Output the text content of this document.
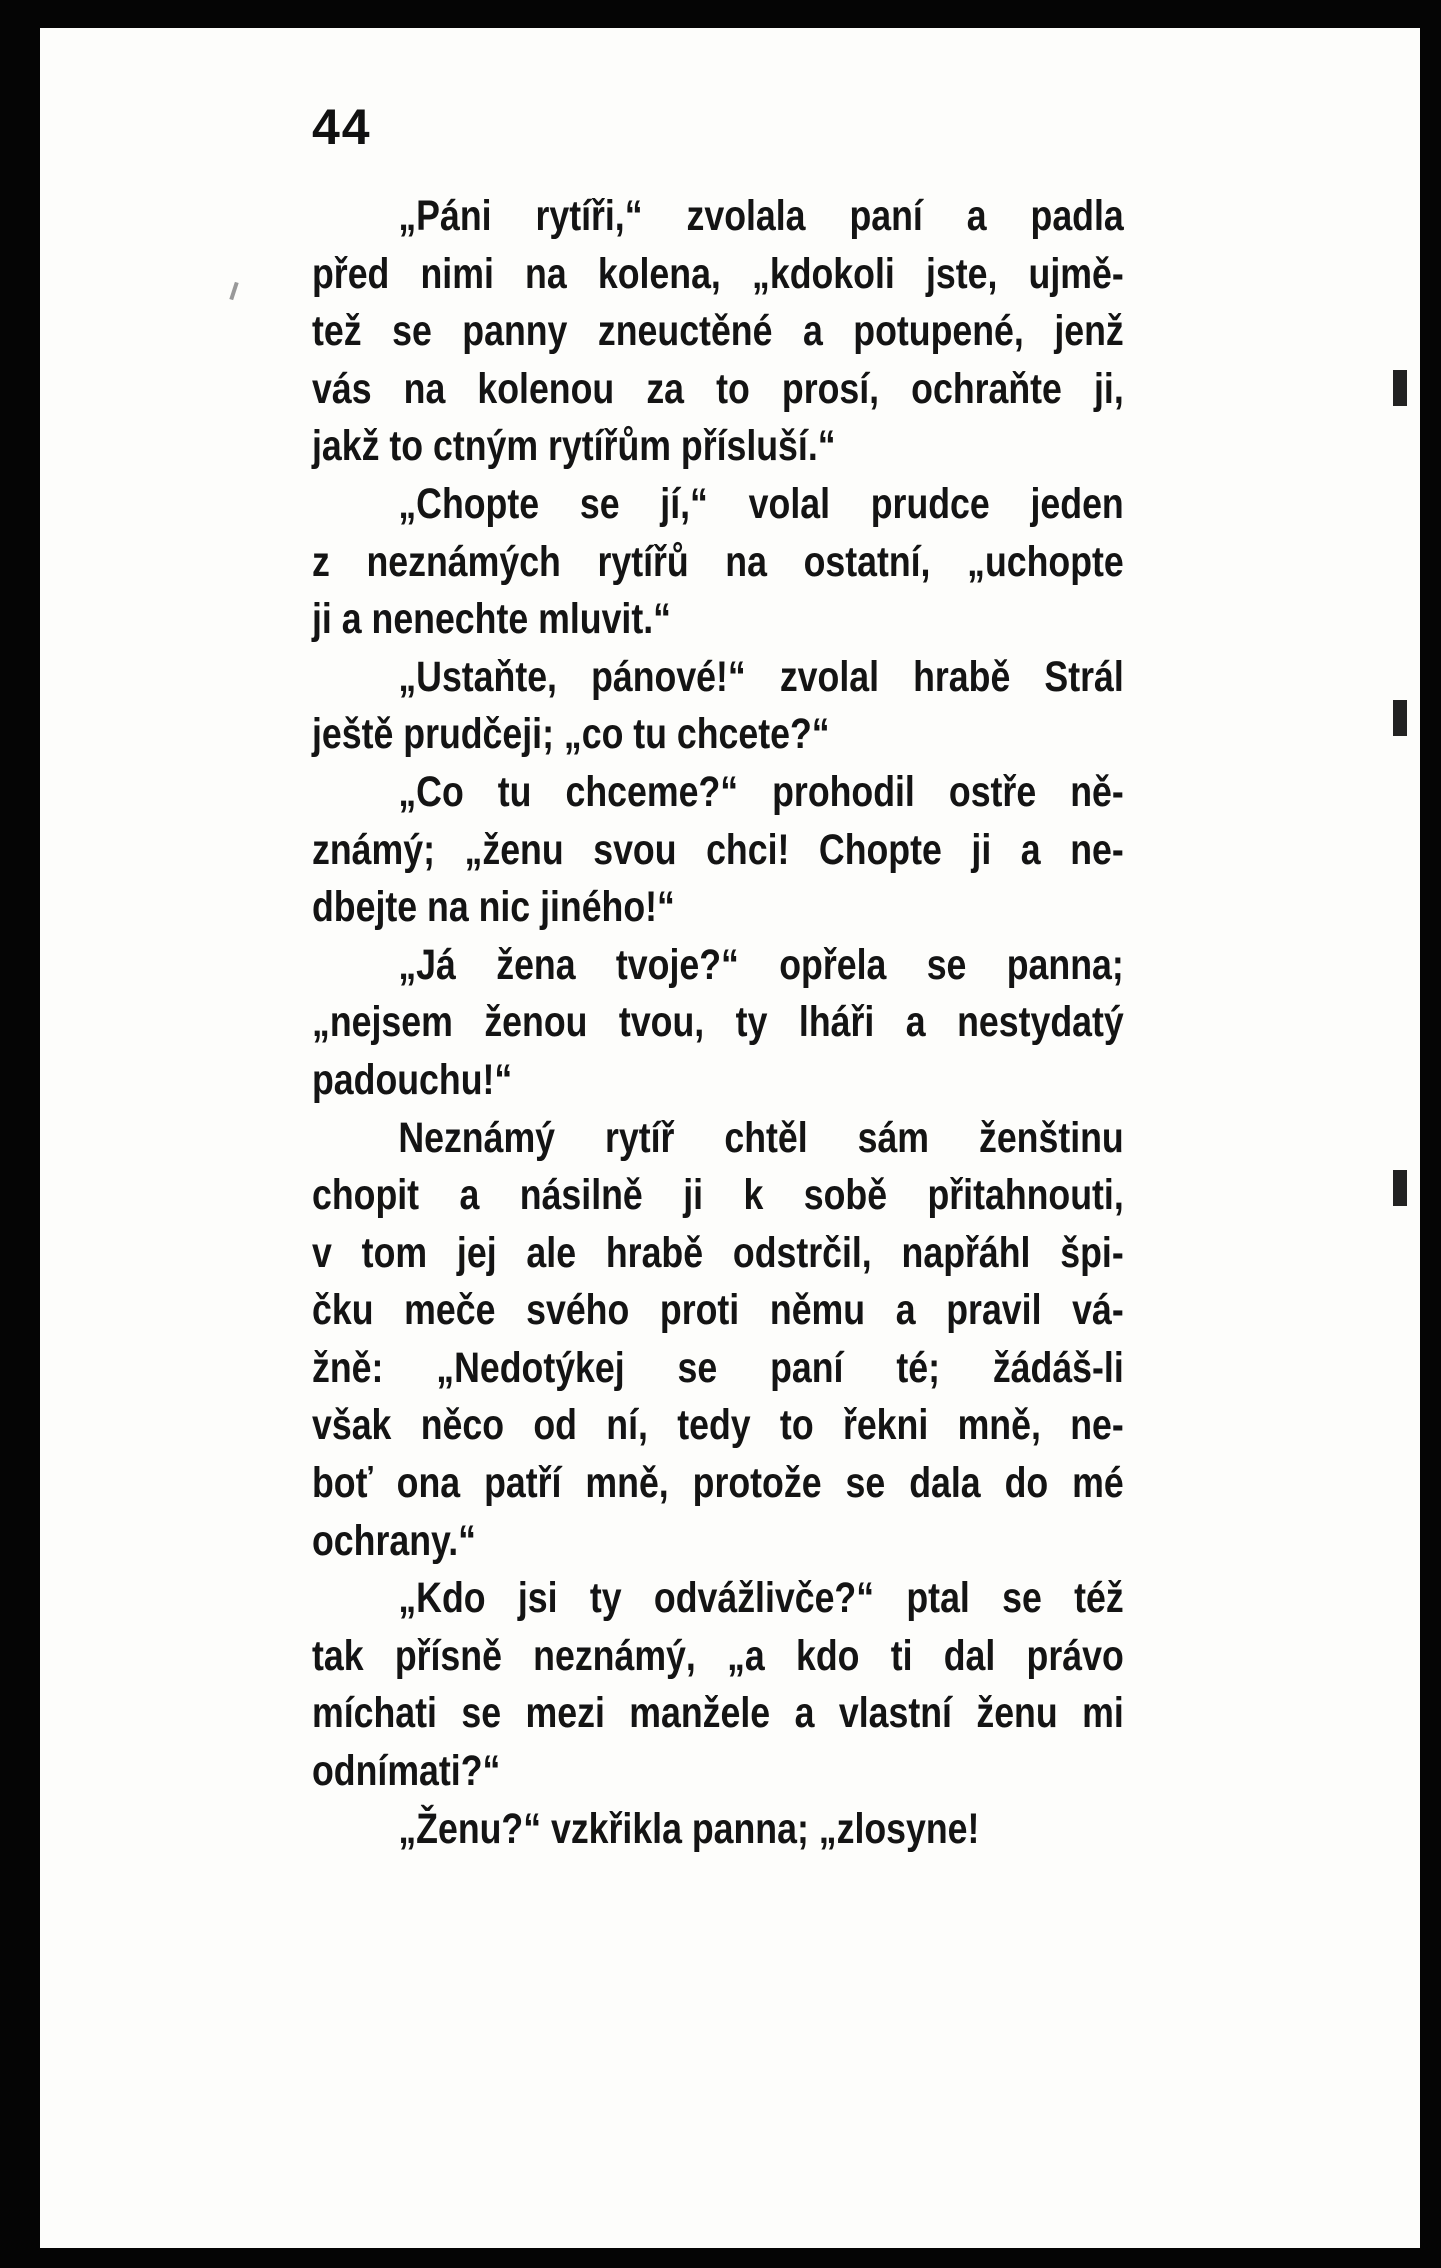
44
„Páni rytíři,“ zvolala paní a padla
před nimi na kolena, „kdokoli jste, ujmě-
tež se panny zneuctěné a potupené, jenž
vás na kolenou za to prosí, ochraňte ji,
jakž to ctným rytířům přísluší.“
„Chopte se jí,“ volal prudce jeden
z neznámých rytířů na ostatní, „uchopte
ji a nenechte mluvit.“
„Ustaňte, pánové!“ zvolal hrabě Strál
ještě prudčeji; „co tu chcete?“
„Co tu chceme?“ prohodil ostře ně-
známý; „ženu svou chci! Chopte ji a ne-
dbejte na nic jiného!“
„Já žena tvoje?“ opřela se panna;
„nejsem ženou tvou, ty lháři a nestydatý
padouchu!“
Neznámý rytíř chtěl sám ženštinu
chopit a násilně ji k sobě přitahnouti,
v tom jej ale hrabě odstrčil, napřáhl špi-
čku meče svého proti němu a pravil vá-
žně: „Nedotýkej se paní té; žádáš-li
však něco od ní, tedy to řekni mně, ne-
boť ona patří mně, protože se dala do mé
ochrany.“
„Kdo jsi ty odvážlivče?“ ptal se též
tak přísně neznámý, „a kdo ti dal právo
míchati se mezi manžele a vlastní ženu mi
odnímati?“
„Ženu?“ vzkřikla panna; „zlosyne!
